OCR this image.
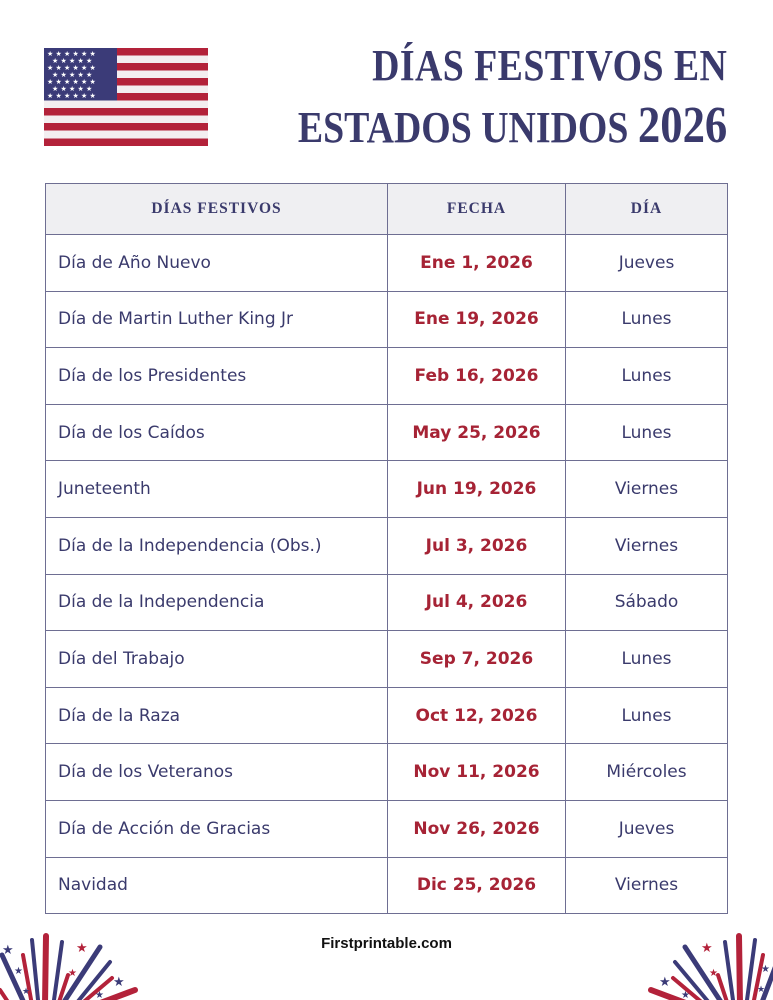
★ ★ ★ ★ ★ ★
★ ★ ★ ★ ★
★ ★ ★ ★ ★ ★
★ ★ ★ ★ ★
★ ★ ★ ★ ★ ★
★ ★ ★ ★ ★
★ ★ ★ ★ ★ ★
DÍAS FESTIVOS EN
ESTADOS UNIDOS 2026
DÍAS FESTIVOS	FECHA	DÍA
Día de Año Nuevo	Ene 1, 2026	Jueves
Día de Martin Luther King Jr	Ene 19, 2026	Lunes
Día de los Presidentes	Feb 16, 2026	Lunes
Día de los Caídos	May 25, 2026	Lunes
Juneteenth	Jun 19, 2026	Viernes
Día de la Independencia (Obs.)	Jul 3, 2026	Viernes
Día de la Independencia	Jul 4, 2026	Sábado
Día del Trabajo	Sep 7, 2026	Lunes
Día de la Raza	Oct 12, 2026	Lunes
Día de los Veteranos	Nov 11, 2026	Miércoles
Día de Acción de Gracias	Nov 26, 2026	Jueves
Navidad	Dic 25, 2026	Viernes
Firstprintable.com
★
★
★
★
★
★
★
★
★
★
★
★
★
